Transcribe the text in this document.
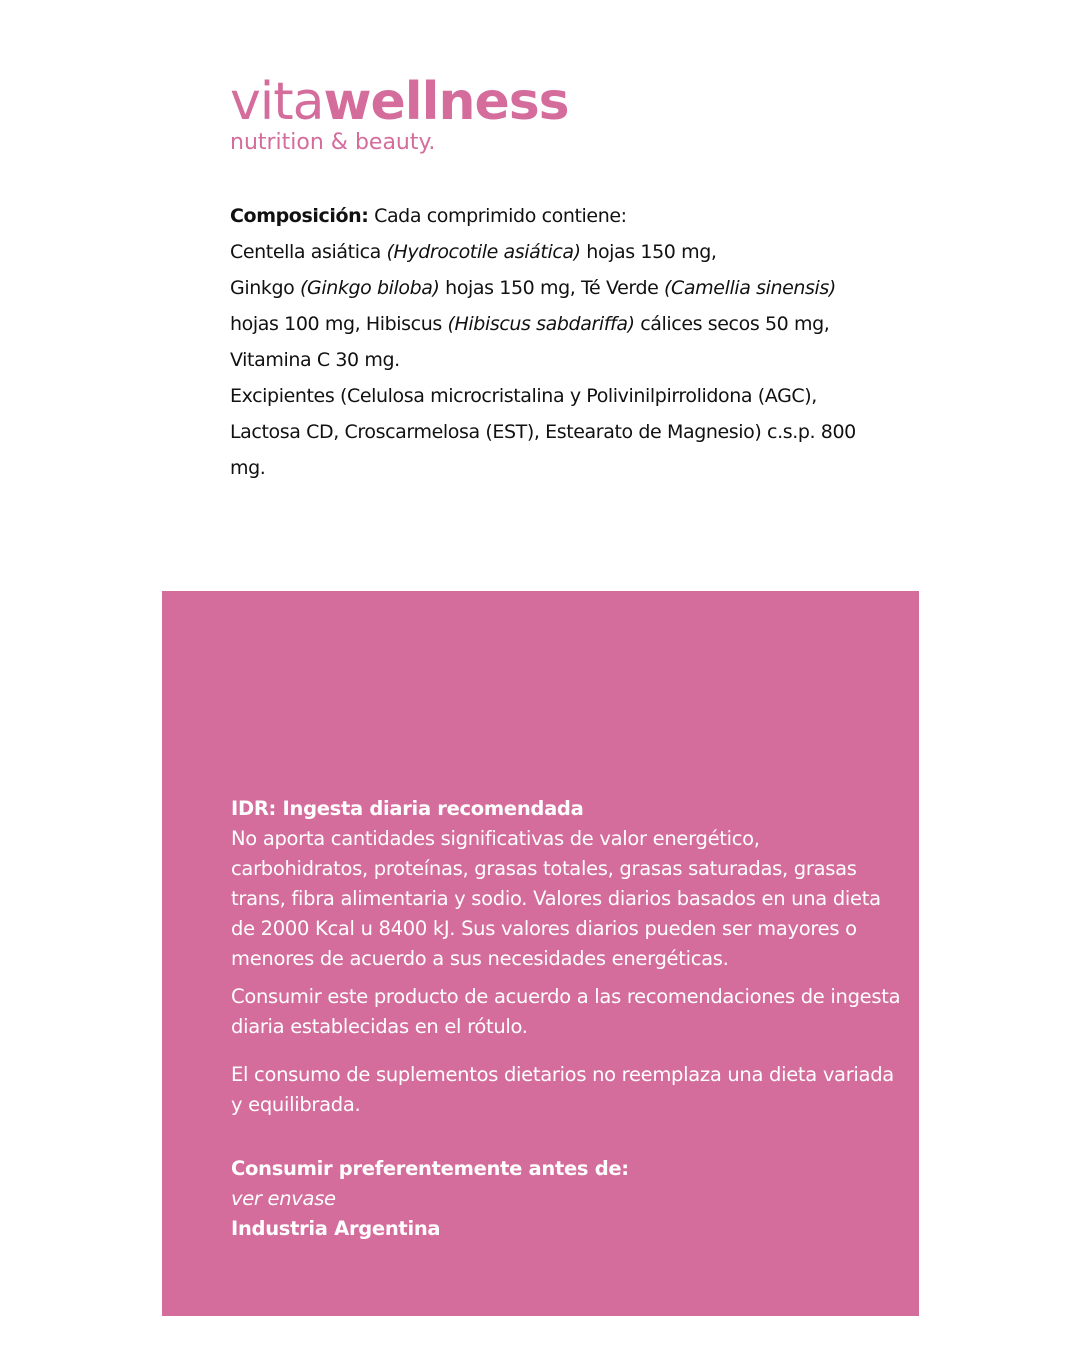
vitawellness
nutrition & beauty.
Composición: Cada comprimido contiene:
Centella asiática (Hydrocotile asiática) hojas 150 mg,
Ginkgo (Ginkgo biloba) hojas 150 mg, Té Verde (Camellia sinensis) hojas 100 mg, Hibiscus (Hibiscus sabdariffa) cálices secos 50 mg, Vitamina C 30 mg.
Excipientes (Celulosa microcristalina y Polivinilpirrolidona (AGC), Lactosa CD, Croscarmelosa (EST), Estearato de Magnesio) c.s.p. 800 mg.

IDR: Ingesta diaria recomendada

No aporta cantidades significativas de valor energético, carbohidratos, proteínas, grasas totales, grasas saturadas, grasas trans, fibra alimentaria y sodio. Valores diarios basados en una dieta de 2000 Kcal u 8400 kJ. Sus valores diarios pueden ser mayores o menores de acuerdo a sus necesidades energéticas.

Consumir este producto de acuerdo a las recomendaciones de ingesta diaria establecidas en el rótulo.

El consumo de suplementos dietarios no reemplaza una dieta variada y equilibrada.

Consumir preferentemente antes de:

ver envase

Industria Argentina
